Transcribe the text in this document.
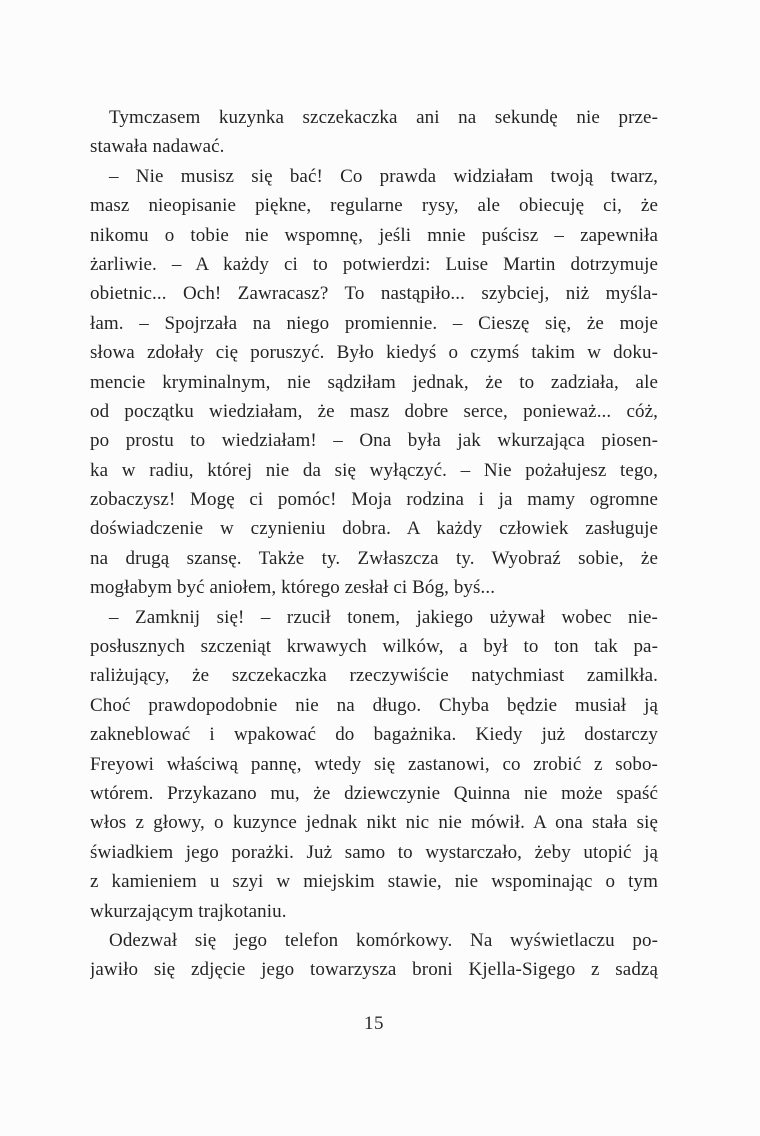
Tymczasem kuzynka szczekaczka ani na sekundę nie prze-
stawała nadawać.
– Nie musisz się bać! Co prawda widziałam twoją twarz,
masz nieopisanie piękne, regularne rysy, ale obiecuję ci, że
nikomu o tobie nie wspomnę, jeśli mnie puścisz – zapewniła
żarliwie. – A każdy ci to potwierdzi: Luise Martin dotrzymuje
obietnic... Och! Zawracasz? To nastąpiło... szybciej, niż myśla-
łam. – Spojrzała na niego promiennie. – Cieszę się, że moje
słowa zdołały cię poruszyć. Było kiedyś o czymś takim w doku-
mencie kryminalnym, nie sądziłam jednak, że to zadziała, ale
od początku wiedziałam, że masz dobre serce, ponieważ... cóż,
po prostu to wiedziałam! – Ona była jak wkurzająca piosen-
ka w radiu, której nie da się wyłączyć. – Nie pożałujesz tego,
zobaczysz! Mogę ci pomóc! Moja rodzina i ja mamy ogromne
doświadczenie w czynieniu dobra. A każdy człowiek zasługuje
na drugą szansę. Także ty. Zwłaszcza ty. Wyobraź sobie, że
mogłabym być aniołem, którego zesłał ci Bóg, byś...
– Zamknij się! – rzucił tonem, jakiego używał wobec nie-
posłusznych szczeniąt krwawych wilków, a był to ton tak pa-
raliżujący, że szczekaczka rzeczywiście natychmiast zamilkła.
Choć prawdopodobnie nie na długo. Chyba będzie musiał ją
zakneblować i wpakować do bagażnika. Kiedy już dostarczy
Freyowi właściwą pannę, wtedy się zastanowi, co zrobić z sobo-
wtórem. Przykazano mu, że dziewczynie Quinna nie może spaść
włos z głowy, o kuzynce jednak nikt nic nie mówił. A ona stała się
świadkiem jego porażki. Już samo to wystarczało, żeby utopić ją
z kamieniem u szyi w miejskim stawie, nie wspominając o tym
wkurzającym trajkotaniu.
Odezwał się jego telefon komórkowy. Na wyświetlaczu po-
jawiło się zdjęcie jego towarzysza broni Kjella-Sigego z sadzą
15
